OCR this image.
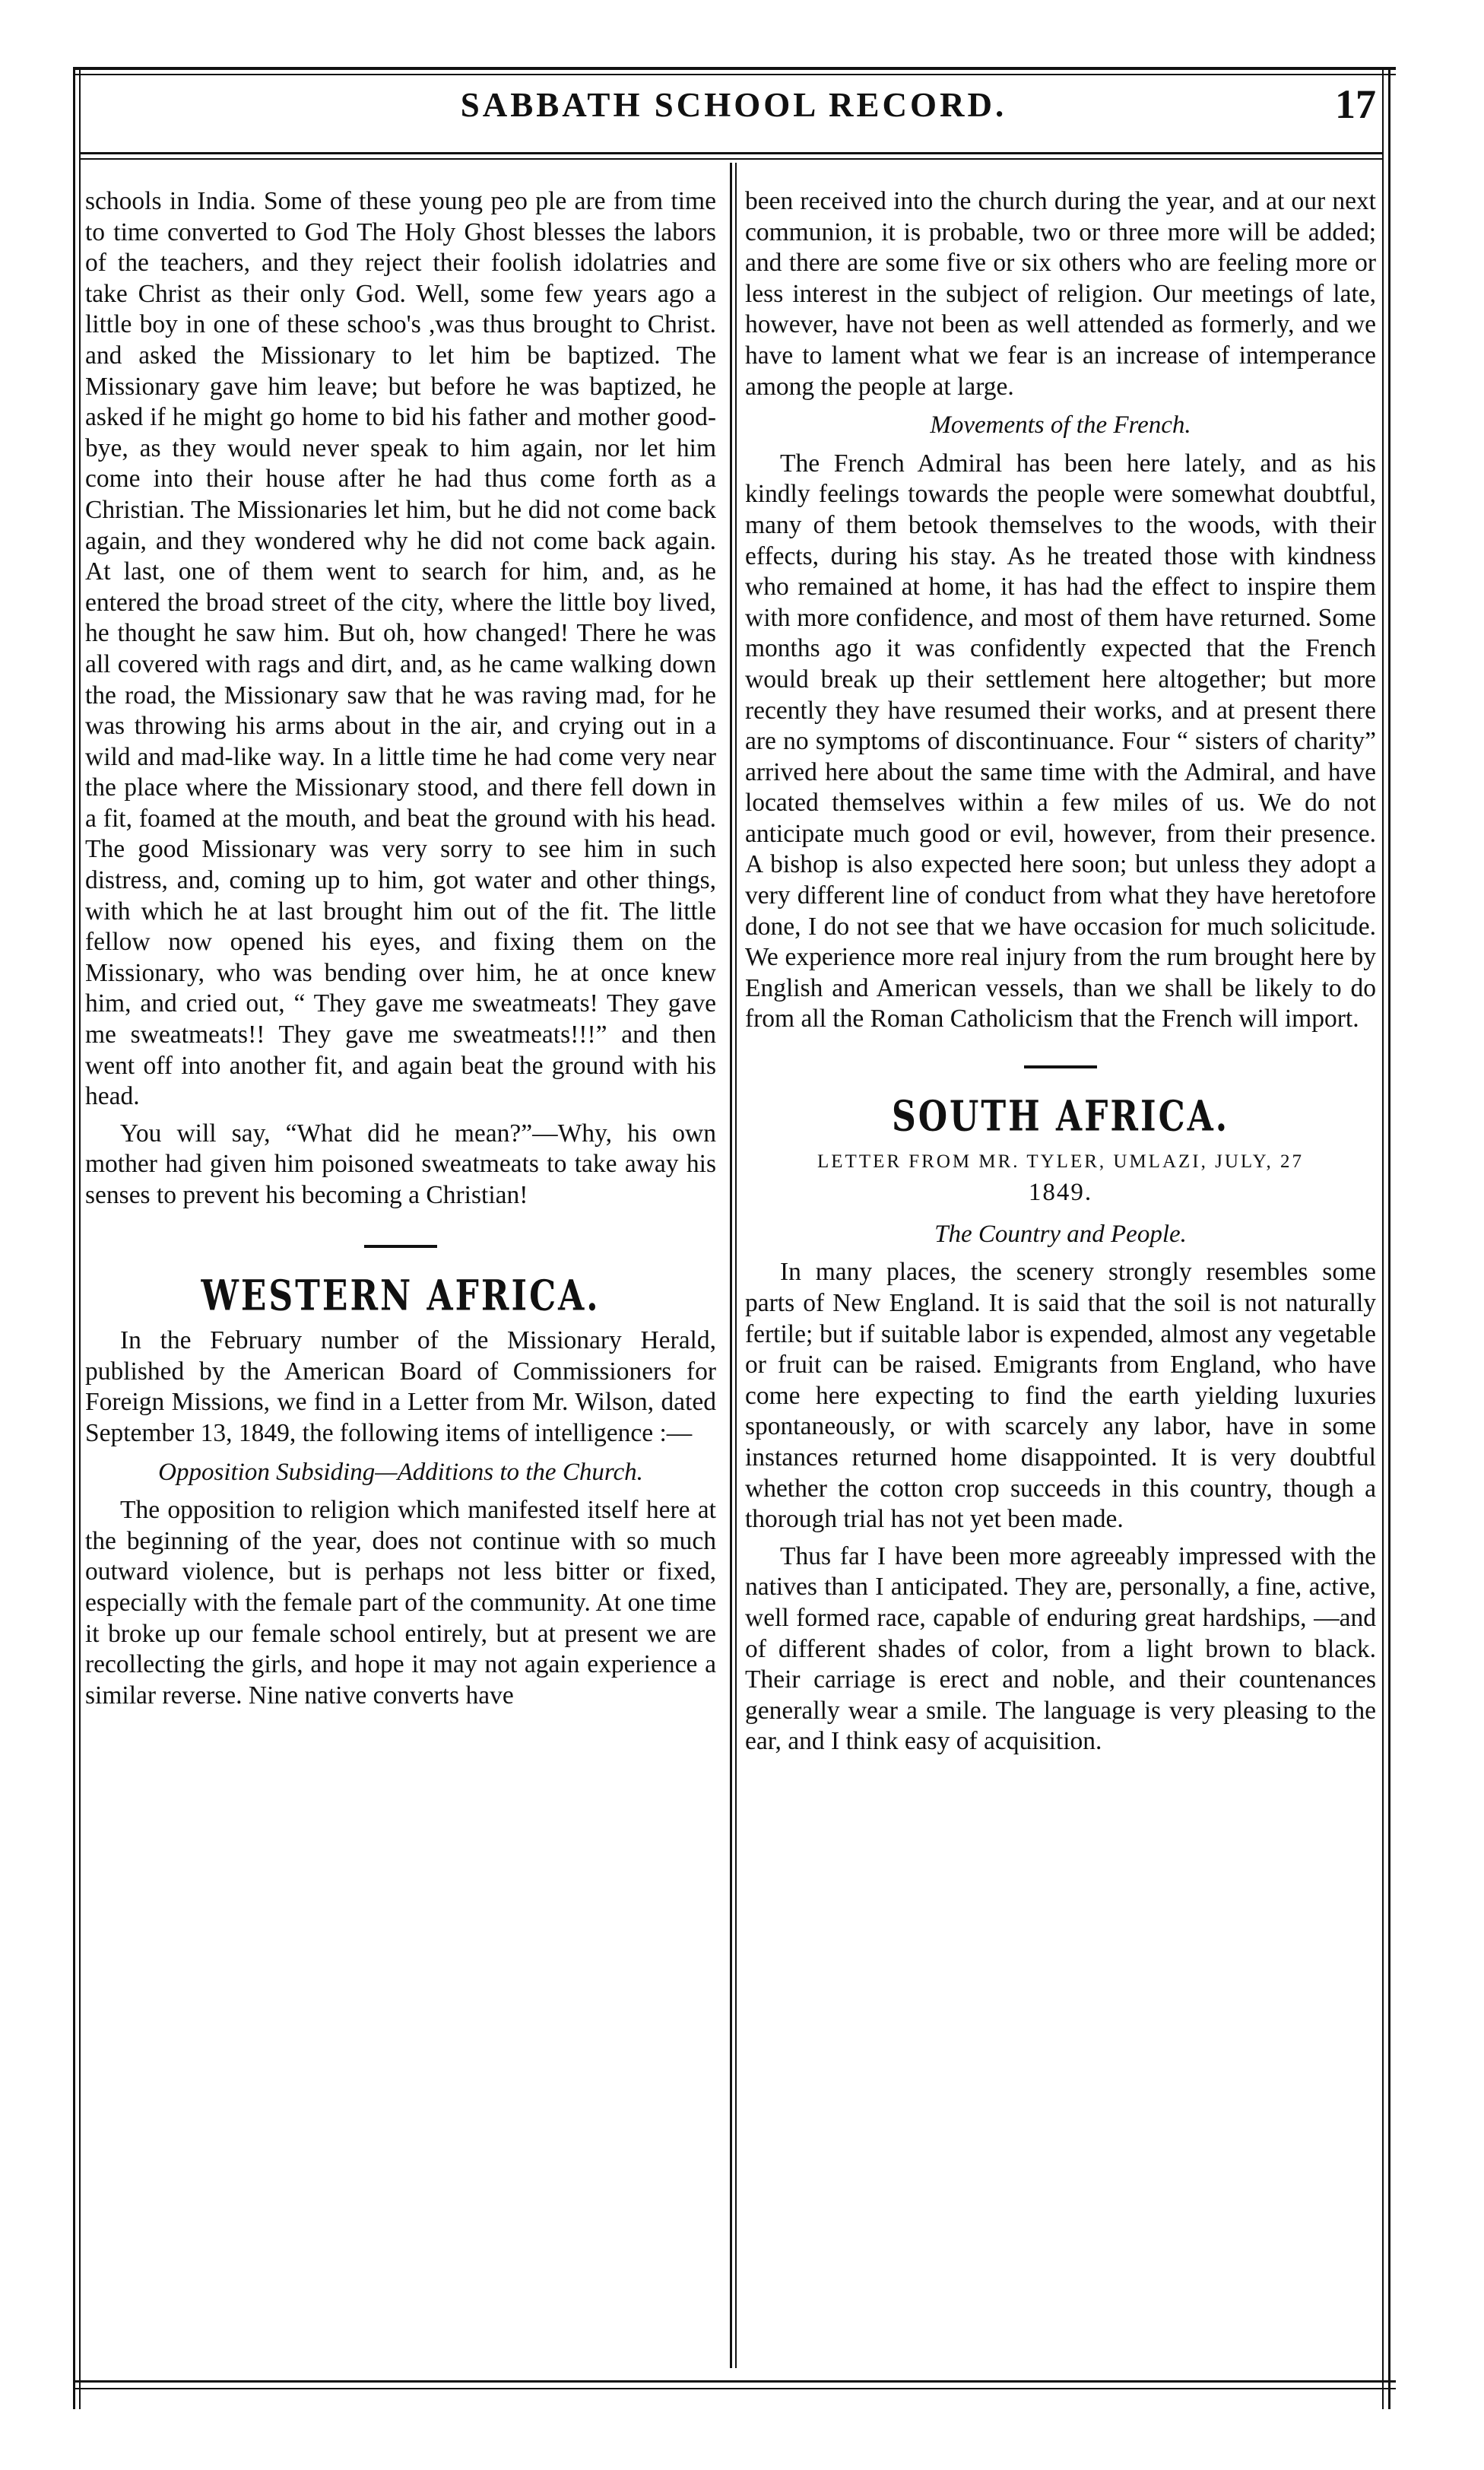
SABBATH SCHOOL RECORD.	17

schools in India. Some of these young peo ple are from time to time converted to God The Holy Ghost blesses the labors of the teachers, and they reject their foolish idolatries and take Christ as their only God. Well, some few years ago a little boy in one of these schoo's ,was thus brought to Christ. and asked the Missionary to let him be baptized. The Missionary gave him leave; but before he was baptized, he asked if he might go home to bid his father and mother good-bye, as they would never speak to him again, nor let him come into their house after he had thus come forth as a Christian. The Missionaries let him, but he did not come back again, and they wondered why he did not come back again. At last, one of them went to search for him, and, as he entered the broad street of the city, where the little boy lived, he thought he saw him. But oh, how changed! There he was all covered with rags and dirt, and, as he came walking down the road, the Missionary saw that he was raving mad, for he was throwing his arms about in the air, and crying out in a wild and mad-like way. In a little time he had come very near the place where the Missionary stood, and there fell down in a fit, foamed at the mouth, and beat the ground with his head. The good Missionary was very sorry to see him in such distress, and, coming up to him, got water and other things, with which he at last brought him out of the fit. The little fellow now opened his eyes, and fixing them on the Missionary, who was bending over him, he at once knew him, and cried out, “ They gave me sweatmeats! They gave me sweatmeats!! They gave me sweatmeats!!!” and then went off into another fit, and again beat the ground with his head.

You will say, “What did he mean?”—Why, his own mother had given him poisoned sweatmeats to take away his senses to prevent his becoming a Christian!

WESTERN AFRICA.

In the February number of the Missionary Herald, published by the American Board of Commissioners for Foreign Missions, we find in a Letter from Mr. Wilson, dated September 13, 1849, the following items of intelligence :—

Opposition Subsiding—Additions to the Church.

The opposition to religion which manifested itself here at the beginning of the year, does not continue with so much outward violence, but is perhaps not less bitter or fixed, especially with the female part of the community. At one time it broke up our female school entirely, but at present we are recollecting the girls, and hope it may not again experience a similar reverse. Nine native converts have

been received into the church during the year, and at our next communion, it is probable, two or three more will be added; and there are some five or six others who are feeling more or less interest in the subject of religion. Our meetings of late, however, have not been as well attended as formerly, and we have to lament what we fear is an increase of intemperance among the people at large.

Movements of the French.

The French Admiral has been here lately, and as his kindly feelings towards the people were somewhat doubtful, many of them betook themselves to the woods, with their effects, during his stay. As he treated those with kindness who remained at home, it has had the effect to inspire them with more confidence, and most of them have returned. Some months ago it was confidently expected that the French would break up their settlement here altogether; but more recently they have resumed their works, and at present there are no symptoms of discontinuance. Four “ sisters of charity” arrived here about the same time with the Admiral, and have located themselves within a few miles of us. We do not anticipate much good or evil, however, from their presence. A bishop is also expected here soon; but unless they adopt a very different line of conduct from what they have heretofore done, I do not see that we have occasion for much solicitude. We experience more real injury from the rum brought here by English and American vessels, than we shall be likely to do from all the Roman Catholicism that the French will import.

SOUTH AFRICA.
LETTER FROM MR. TYLER, UMLAZI, JULY, 27
1849.
The Country and People.

In many places, the scenery strongly resembles some parts of New England. It is said that the soil is not naturally fertile; but if suitable labor is expended, almost any vegetable or fruit can be raised. Emigrants from England, who have come here expecting to find the earth yielding luxuries spontaneously, or with scarcely any labor, have in some instances returned home disappointed. It is very doubtful whether the cotton crop succeeds in this country, though a thorough trial has not yet been made.

Thus far I have been more agreeably impressed with the natives than I anticipated. They are, personally, a fine, active, well formed race, capable of enduring great hardships, —and of different shades of color, from a light brown to black. Their carriage is erect and noble, and their countenances generally wear a smile. The language is very pleasing to the ear, and I think easy of acquisition.
